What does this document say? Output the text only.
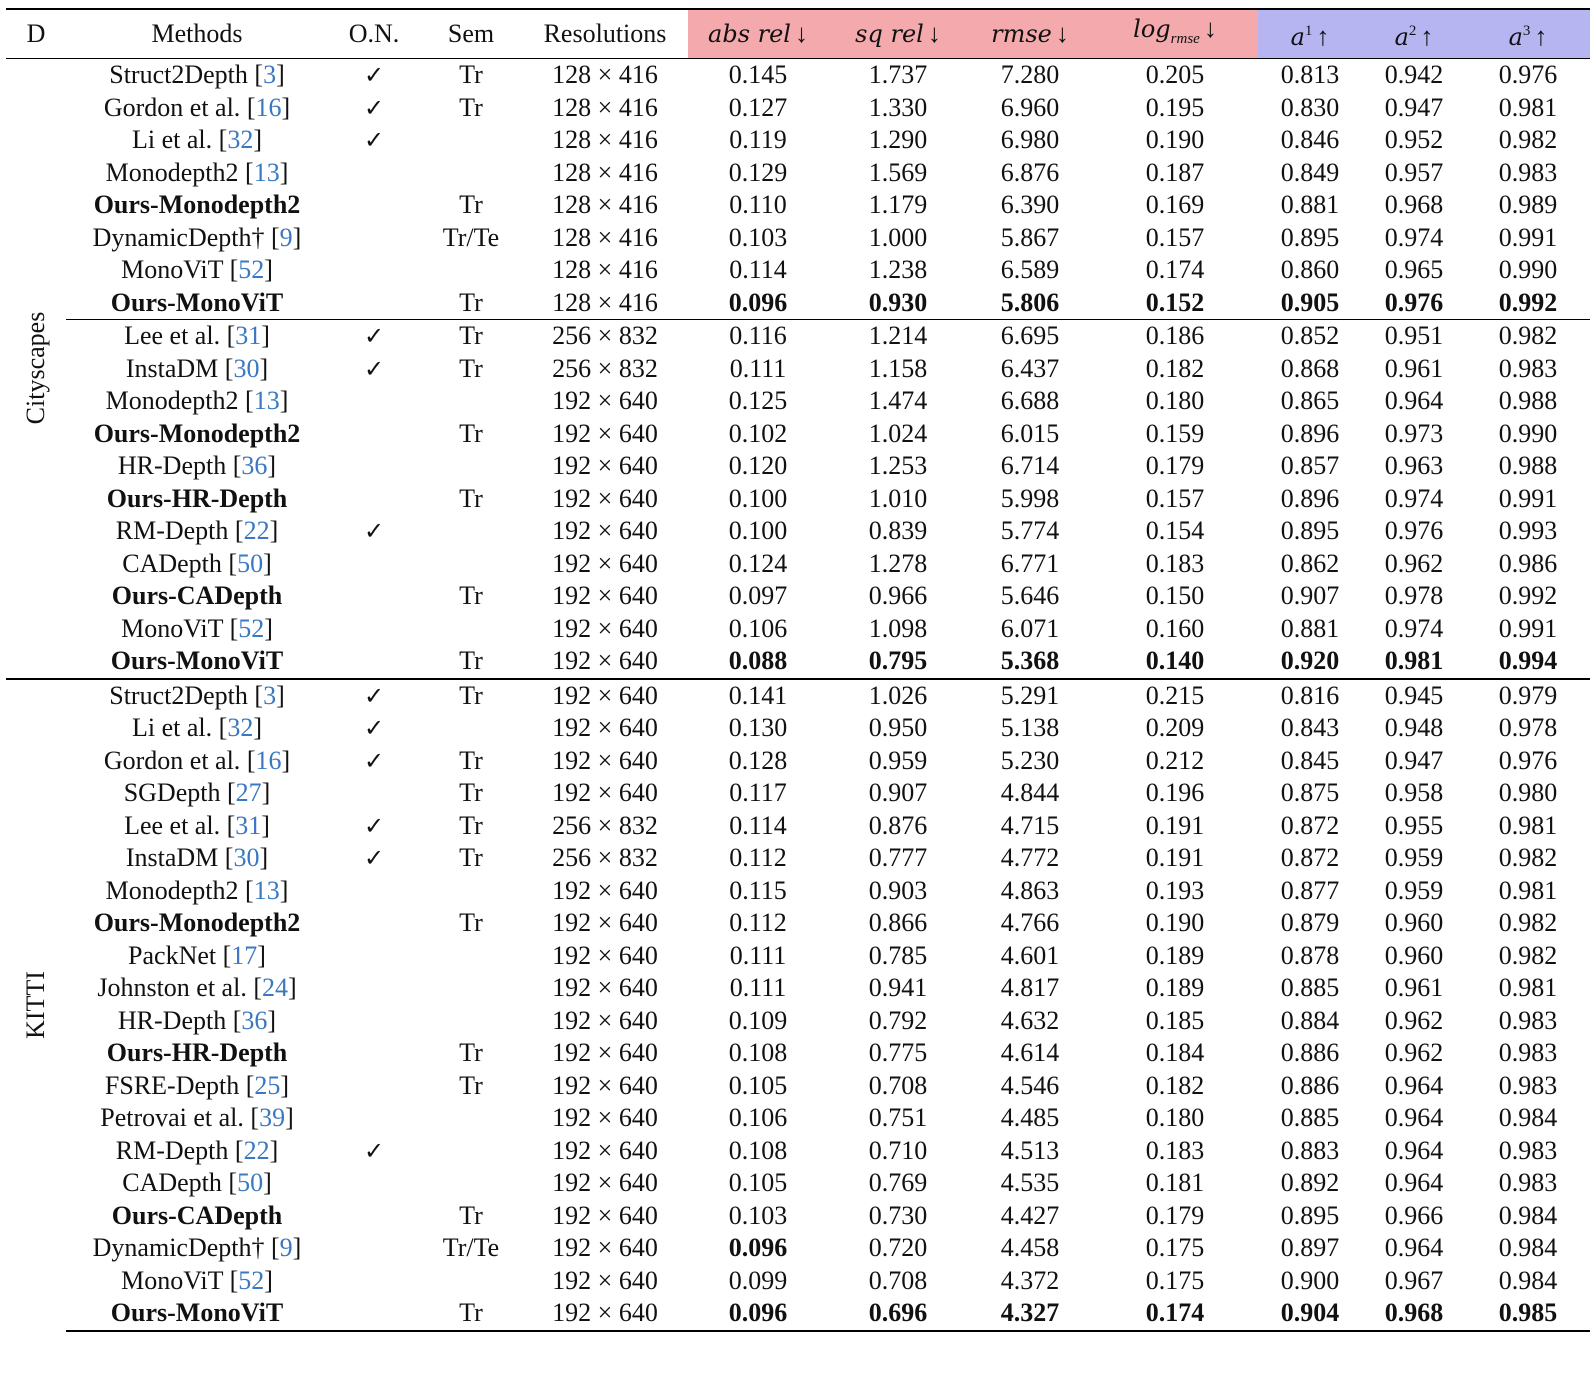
D	Methods	O.N.	Sem	Resolutions	abs rel ↓	sq rel ↓	rmse ↓	$\log_{rmse}$ ↓	$a^1$ ↑	$a^2$ ↑	$a^3$ ↑

Cityscapes	Struct2Depth [3]	✓	Tr	128 × 416	0.145	1.737	7.280	0.205	0.813	0.942	0.976
	Gordon et al. [16]	✓	Tr	128 × 416	0.127	1.330	6.960	0.195	0.830	0.947	0.981
	Li et al. [32]	✓		128 × 416	0.119	1.290	6.980	0.190	0.846	0.952	0.982
	Monodepth2 [13]			128 × 416	0.129	1.569	6.876	0.187	0.849	0.957	0.983
	Ours-Monodepth2		Tr	128 × 416	0.110	1.179	6.390	0.169	0.881	0.968	0.989
	DynamicDepth† [9]		Tr/Te	128 × 416	0.103	1.000	5.867	0.157	0.895	0.974	0.991
	MonoViT [52]			128 × 416	0.114	1.238	6.589	0.174	0.860	0.965	0.990
	Ours-MonoViT		Tr	128 × 416	0.096	0.930	5.806	0.152	0.905	0.976	0.992
	Lee et al. [31]	✓	Tr	256 × 832	0.116	1.214	6.695	0.186	0.852	0.951	0.982
	InstaDM [30]	✓	Tr	256 × 832	0.111	1.158	6.437	0.182	0.868	0.961	0.983
	Monodepth2 [13]			192 × 640	0.125	1.474	6.688	0.180	0.865	0.964	0.988
	Ours-Monodepth2		Tr	192 × 640	0.102	1.024	6.015	0.159	0.896	0.973	0.990
	HR-Depth [36]			192 × 640	0.120	1.253	6.714	0.179	0.857	0.963	0.988
	Ours-HR-Depth		Tr	192 × 640	0.100	1.010	5.998	0.157	0.896	0.974	0.991
	RM-Depth [22]	✓		192 × 640	0.100	0.839	5.774	0.154	0.895	0.976	0.993
	CADepth [50]			192 × 640	0.124	1.278	6.771	0.183	0.862	0.962	0.986
	Ours-CADepth		Tr	192 × 640	0.097	0.966	5.646	0.150	0.907	0.978	0.992
	MonoViT [52]			192 × 640	0.106	1.098	6.071	0.160	0.881	0.974	0.991
	Ours-MonoViT		Tr	192 × 640	0.088	0.795	5.368	0.140	0.920	0.981	0.994

KITTI	Struct2Depth [3]	✓	Tr	192 × 640	0.141	1.026	5.291	0.215	0.816	0.945	0.979
	Li et al. [32]	✓		192 × 640	0.130	0.950	5.138	0.209	0.843	0.948	0.978
	Gordon et al. [16]	✓	Tr	192 × 640	0.128	0.959	5.230	0.212	0.845	0.947	0.976
	SGDepth [27]		Tr	192 × 640	0.117	0.907	4.844	0.196	0.875	0.958	0.980
	Lee et al. [31]	✓	Tr	256 × 832	0.114	0.876	4.715	0.191	0.872	0.955	0.981
	InstaDM [30]	✓	Tr	256 × 832	0.112	0.777	4.772	0.191	0.872	0.959	0.982
	Monodepth2 [13]			192 × 640	0.115	0.903	4.863	0.193	0.877	0.959	0.981
	Ours-Monodepth2		Tr	192 × 640	0.112	0.866	4.766	0.190	0.879	0.960	0.982
	PackNet [17]			192 × 640	0.111	0.785	4.601	0.189	0.878	0.960	0.982
	Johnston et al. [24]			192 × 640	0.111	0.941	4.817	0.189	0.885	0.961	0.981
	HR-Depth [36]			192 × 640	0.109	0.792	4.632	0.185	0.884	0.962	0.983
	Ours-HR-Depth		Tr	192 × 640	0.108	0.775	4.614	0.184	0.886	0.962	0.983
	FSRE-Depth [25]		Tr	192 × 640	0.105	0.708	4.546	0.182	0.886	0.964	0.983
	Petrovai et al. [39]			192 × 640	0.106	0.751	4.485	0.180	0.885	0.964	0.984
	RM-Depth [22]	✓		192 × 640	0.108	0.710	4.513	0.183	0.883	0.964	0.983
	CADepth [50]			192 × 640	0.105	0.769	4.535	0.181	0.892	0.964	0.983
	Ours-CADepth		Tr	192 × 640	0.103	0.730	4.427	0.179	0.895	0.966	0.984
	DynamicDepth† [9]		Tr/Te	192 × 640	0.096	0.720	4.458	0.175	0.897	0.964	0.984
	MonoViT [52]			192 × 640	0.099	0.708	4.372	0.175	0.900	0.967	0.984
	Ours-MonoViT		Tr	192 × 640	0.096	0.696	4.327	0.174	0.904	0.968	0.985
